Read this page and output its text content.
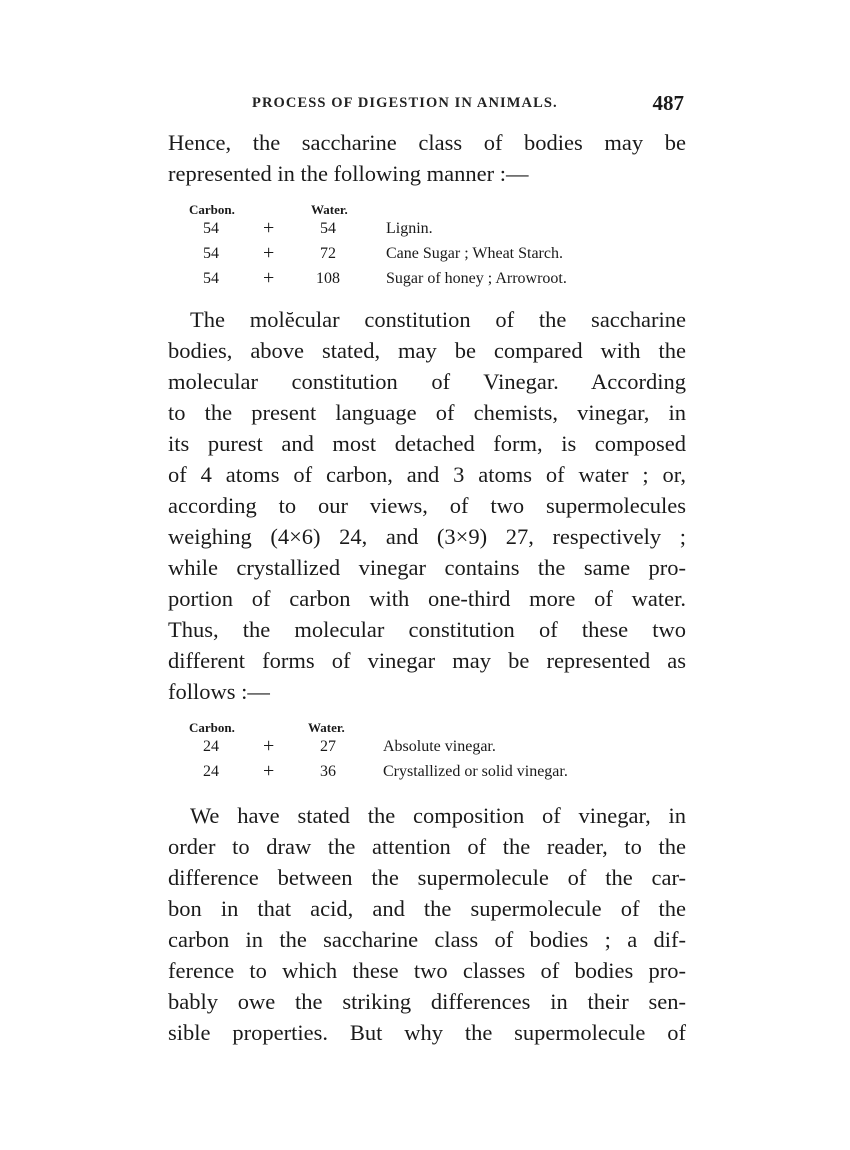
PROCESS OF DIGESTION IN ANIMALS.	487
Hence, the saccharine class of bodies may be
represented in the following manner :—
Carbon.	Water.
54	+	54	Lignin.
54	+	72	Cane Sugar ; Wheat Starch.
54	+	108	Sugar of honey ; Arrowroot.
The molĕcular constitution of the saccharine
bodies, above stated, may be compared with the
molecular constitution of Vinegar. According
to the present language of chemists, vinegar, in
its purest and most detached form, is composed
of 4 atoms of carbon, and 3 atoms of water ; or,
according to our views, of two supermolecules
weighing (4×6) 24, and (3×9) 27, respectively ;
while crystallized vinegar contains the same pro-
portion of carbon with one-third more of water.
Thus, the molecular constitution of these two
different forms of vinegar may be represented as
follows :—
Carbon.	Water.
24	+	27	Absolute vinegar.
24	+	36	Crystallized or solid vinegar.
We have stated the composition of vinegar, in
order to draw the attention of the reader, to the
difference between the supermolecule of the car-
bon in that acid, and the supermolecule of the
carbon in the saccharine class of bodies ; a dif-
ference to which these two classes of bodies pro-
bably owe the striking differences in their sen-
sible properties. But why the supermolecule of
